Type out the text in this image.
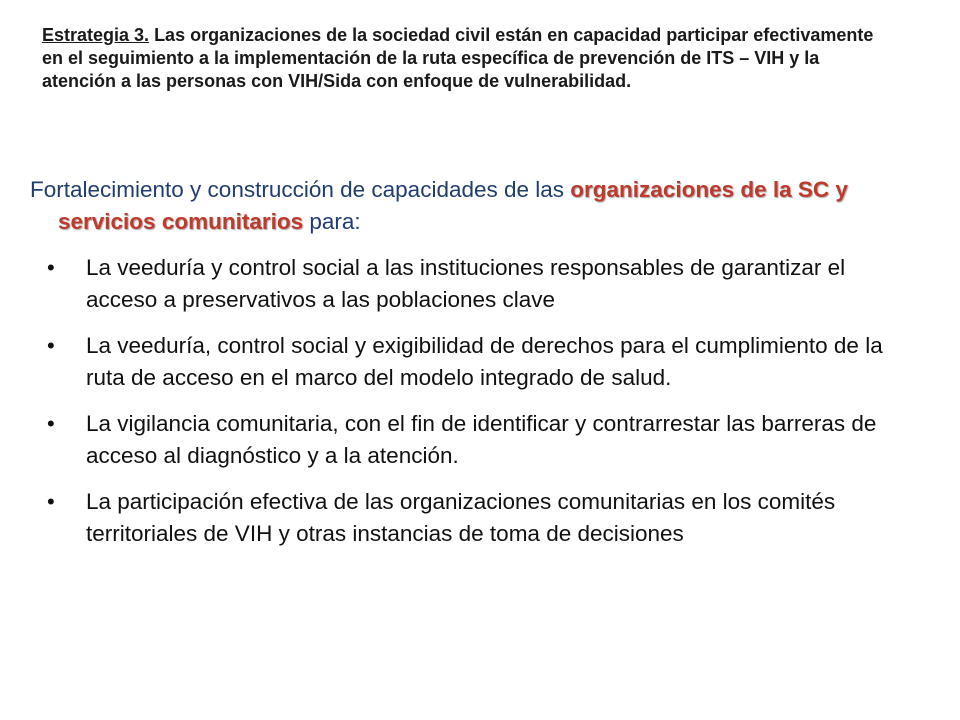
Estrategia 3. Las organizaciones de la sociedad civil están en capacidad participar efectivamente en el seguimiento a la implementación de la ruta específica de prevención de ITS – VIH y la atención a las personas con VIH/Sida con enfoque de vulnerabilidad.
Fortalecimiento y construcción de capacidades de las organizaciones de la SC y servicios comunitarios para:
• La veeduría y control social a las instituciones responsables de garantizar el acceso a preservativos a las poblaciones clave
• La veeduría, control social y exigibilidad de derechos para el cumplimiento de la ruta de acceso en el marco del modelo integrado de salud.
• La vigilancia comunitaria, con el fin de identificar y contrarrestar las barreras de acceso al diagnóstico y a la atención.
• La participación efectiva de las organizaciones comunitarias en los comités territoriales de VIH y otras instancias de toma de decisiones
